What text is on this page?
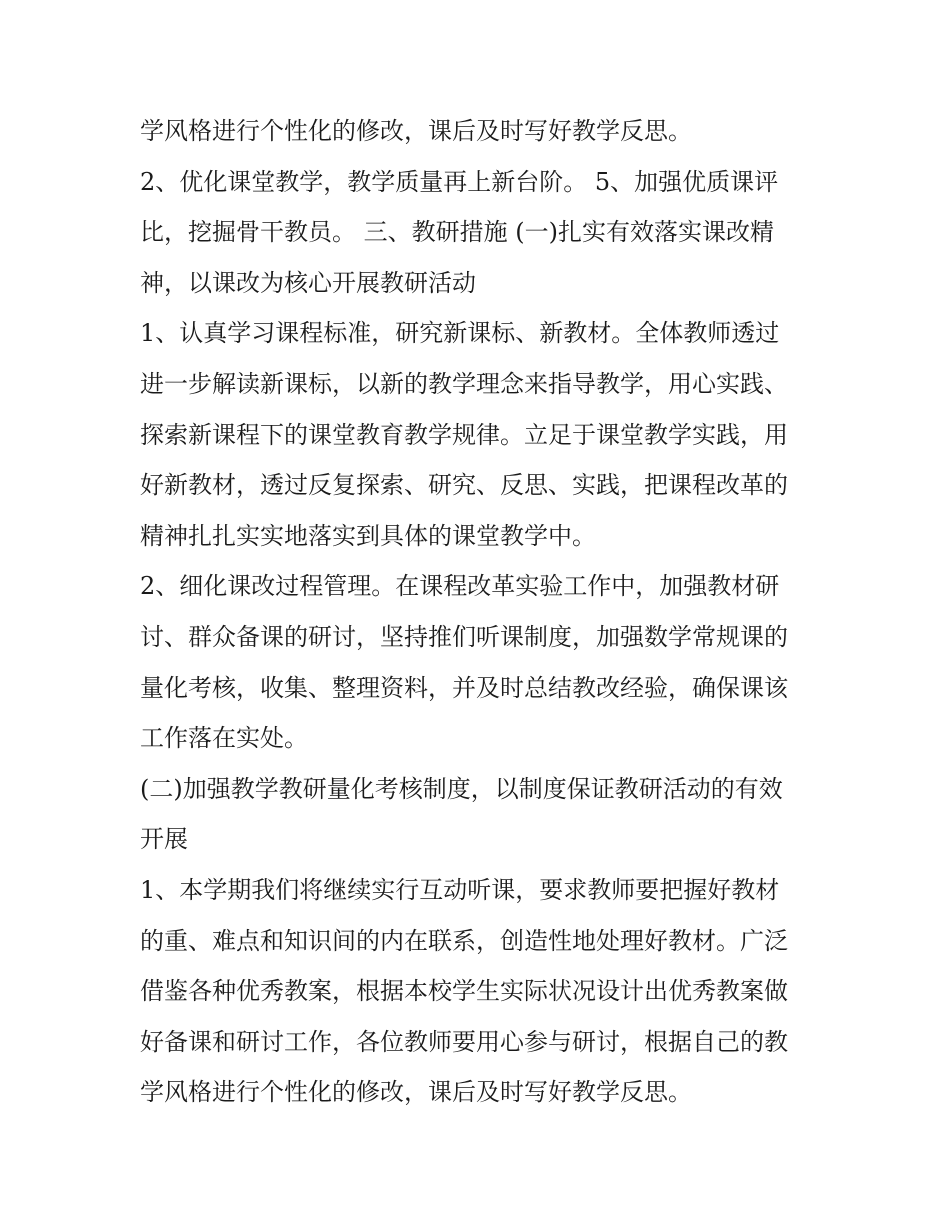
学风格进行个性化的修改，课后及时写好教学反思。
2、优化课堂教学，教学质量再上新台阶。 5、加强优质课评
比，挖掘骨干教员。 三、教研措施 (一)扎实有效落实课改精
神，以课改为核心开展教研活动
1、认真学习课程标准，研究新课标、新教材。全体教师透过
进一步解读新课标，以新的教学理念来指导教学，用心实践、
探索新课程下的课堂教育教学规律。立足于课堂教学实践，用
好新教材，透过反复探索、研究、反思、实践，把课程改革的
精神扎扎实实地落实到具体的课堂教学中。
2、细化课改过程管理。在课程改革实验工作中，加强教材研
讨、群众备课的研讨，坚持推们听课制度，加强数学常规课的
量化考核，收集、整理资料，并及时总结教改经验，确保课该
工作落在实处。
(二)加强教学教研量化考核制度，以制度保证教研活动的有效
开展
1、本学期我们将继续实行互动听课，要求教师要把握好教材
的重、难点和知识间的内在联系，创造性地处理好教材。广泛
借鉴各种优秀教案，根据本校学生实际状况设计出优秀教案做
好备课和研讨工作，各位教师要用心参与研讨，根据自己的教
学风格进行个性化的修改，课后及时写好教学反思。
